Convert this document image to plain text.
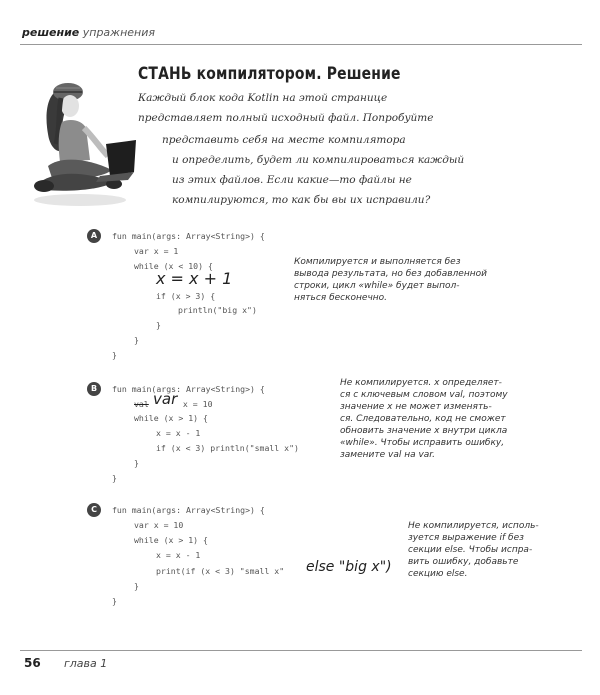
решение упражнения
СТАНЬ компилятором. Решение
Каждый блок кода Kotlin на этой странице
представляет полный исходный файл. Попробуйте
представить себя на месте компилятора
и определить, будет ли компилироваться каждый
из этих файлов. Если какие—то файлы не
компилируются, то как бы вы их исправили?
A	fun main(args: Array<String>) {
var x = 1
while (x < 10) {
x = x + 1
if (x > 3) {
println("big x")
}
}
}
Компилируется и выполняется без
вывода результата, но без добавленной
строки, цикл «while» будет выпол-
няться бесконечно.
B	fun main(args: Array<String>) {
val var x = 10
while (x > 1) {
x = x - 1
if (x < 3) println("small x")
}
}
Не компилируется. x определяет-
ся с ключевым словом val, поэтому
значение x не может изменять-
ся. Следовательно, код не сможет
обновить значение x внутри цикла
«while». Чтобы исправить ошибку,
замените val на var.
C	fun main(args: Array<String>) {
var x = 10
while (x > 1) {
x = x - 1
print(if (x < 3) "small x" else "big x")
}
}
Не компилируется, исполь-
зуется выражение if без
секции else. Чтобы испра-
вить ошибку, добавьте
секцию else.
56 глава 1
